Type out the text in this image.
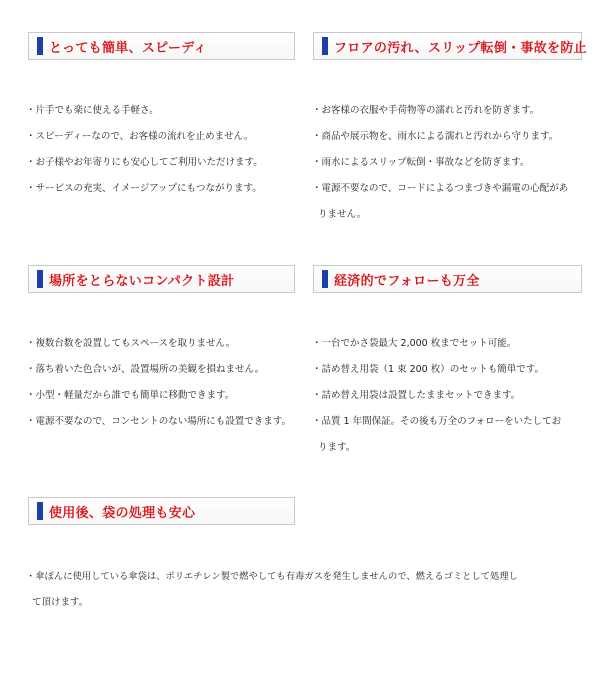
とっても簡単、スピーディ
・片手でも楽に使える手軽さ。
・スピーディーなので、お客様の流れを止めません。
・お子様やお年寄りにも安心してご利用いただけます。
・サービスの充実、イメージアップにもつながります。
フロアの汚れ、スリップ転倒・事故を防止
・お客様の衣服や手荷物等の濡れと汚れを防ぎます。
・商品や展示物を、雨水による濡れと汚れから守ります。
・雨水によるスリップ転倒・事故などを防ぎます。
・電源不要なので、コードによるつまづきや漏電の心配があ
りません。
場所をとらないコンパクト設計
・複数台数を設置してもスペースを取りません。
・落ち着いた色合いが、設置場所の美観を損ねません。
・小型・軽量だから誰でも簡単に移動できます。
・電源不要なので、コンセントのない場所にも設置できます。
経済的でフォローも万全
・一台でかさ袋最大 2,000 枚までセット可能。
・詰め替え用袋（1 束 200 枚）のセットも簡単です。
・詰め替え用袋は設置したままセットできます。
・品質 1 年間保証。その後も万全のフォローをいたしてお
ります。
使用後、袋の処理も安心
・傘ぽんに使用している傘袋は、ポリエチレン製で燃やしても有毒ガスを発生しませんので、燃えるゴミとして処理し
て頂けます。
